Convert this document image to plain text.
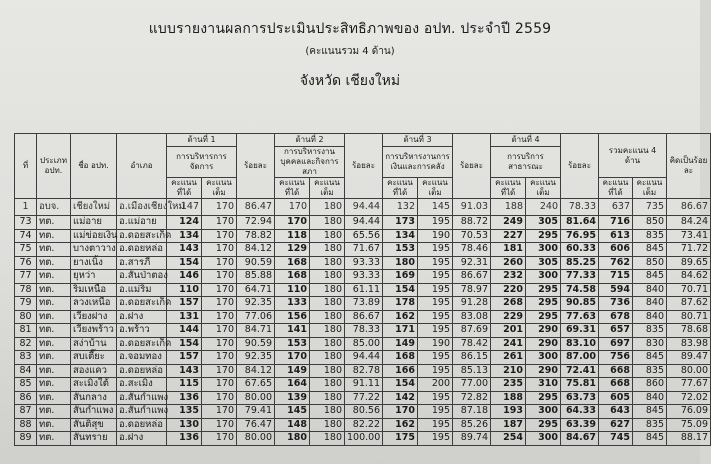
แบบรายงานผลการประเมินประสิทธิภาพของ อปท. ประจำปี 2559
(คะแนนรวม 4 ด้าน)
จังหวัด เชียงใหม่
ที่	ประเภท อปท.	ชื่อ อปท.	อำเภอ	ด้านที่ 1		ร้อยละ	ด้านที่ 2		ร้อยละ	ด้านที่ 3		ร้อยละ	ด้านที่ 4		ร้อยละ	รวมคะแนน 4 ด้าน		คิดเป็นร้อยละ
				การบริหารการจัดการ			การบริหารงานบุคคลและกิจการสภา			การบริหารงานการเงินและการคลัง			การบริการสาธารณะ					
				คะแนนที่ได้	คะแนนเต็ม		คะแนนที่ได้	คะแนนเต็ม		คะแนนที่ได้	คะแนนเต็ม		คะแนนที่ได้	คะแนนเต็ม		คะแนนที่ได้	คะแนนเต็ม	
1	อบจ.	เชียงใหม่	อ.เมืองเชียงใหม่	147	170	86.47	170	180	94.44	132	145	91.03	188	240	78.33	637	735	86.67
73	ทต.	แม่อาย	อ.แม่อาย	124	170	72.94	170	180	94.44	173	195	88.72	249	305	81.64	716	850	84.24
74	ทต.	แม่ข่อยเงิน	อ.ดอยสะเก็ด	134	170	78.82	118	180	65.56	134	190	70.53	227	295	76.95	613	835	73.41
75	ทต.	บางตาวาง	อ.ดอยหล่อ	143	170	84.12	129	180	71.67	153	195	78.46	181	300	60.33	606	845	71.72
76	ทต.	ยางเนิ้ง	อ.สารภี	154	170	90.59	168	180	93.33	180	195	92.31	260	305	85.25	762	850	89.65
77	ทต.	ยุหว่า	อ.สันป่าตอง	146	170	85.88	168	180	93.33	169	195	86.67	232	300	77.33	715	845	84.62
78	ทต.	ริมเหนือ	อ.แม่ริม	110	170	64.71	110	180	61.11	154	195	78.97	220	295	74.58	594	840	70.71
79	ทต.	ลวงเหนือ	อ.ดอยสะเก็ด	157	170	92.35	133	180	73.89	178	195	91.28	268	295	90.85	736	840	87.62
80	ทต.	เวียงฝาง	อ.ฝาง	131	170	77.06	156	180	86.67	162	195	83.08	229	295	77.63	678	840	80.71
81	ทต.	เวียงพร้าว	อ.พร้าว	144	170	84.71	141	180	78.33	171	195	87.69	201	290	69.31	657	835	78.68
82	ทต.	สง่าบ้าน	อ.ดอยสะเก็ด	154	170	90.59	153	180	85.00	149	190	78.42	241	290	83.10	697	830	83.98
83	ทต.	สบเตี๊ยะ	อ.จอมทอง	157	170	92.35	170	180	94.44	168	195	86.15	261	300	87.00	756	845	89.47
84	ทต.	สองแคว	อ.ดอยหล่อ	143	170	84.12	149	180	82.78	166	195	85.13	210	290	72.41	668	835	80.00
85	ทต.	สะเมิงใต้	อ.สะเมิง	115	170	67.65	164	180	91.11	154	200	77.00	235	310	75.81	668	860	77.67
86	ทต.	สันกลาง	อ.สันกำแพง	136	170	80.00	139	180	77.22	142	195	72.82	188	295	63.73	605	840	72.02
87	ทต.	สันกำแพง	อ.สันกำแพง	135	170	79.41	145	180	80.56	170	195	87.18	193	300	64.33	643	845	76.09
88	ทต.	สันติสุข	อ.ดอยหล่อ	130	170	76.47	148	180	82.22	162	195	85.26	187	295	63.39	627	835	75.09
89	ทต.	สันทราย	อ.ฝาง	136	170	80.00	180	180	100.00	175	195	89.74	254	300	84.67	745	845	88.17
